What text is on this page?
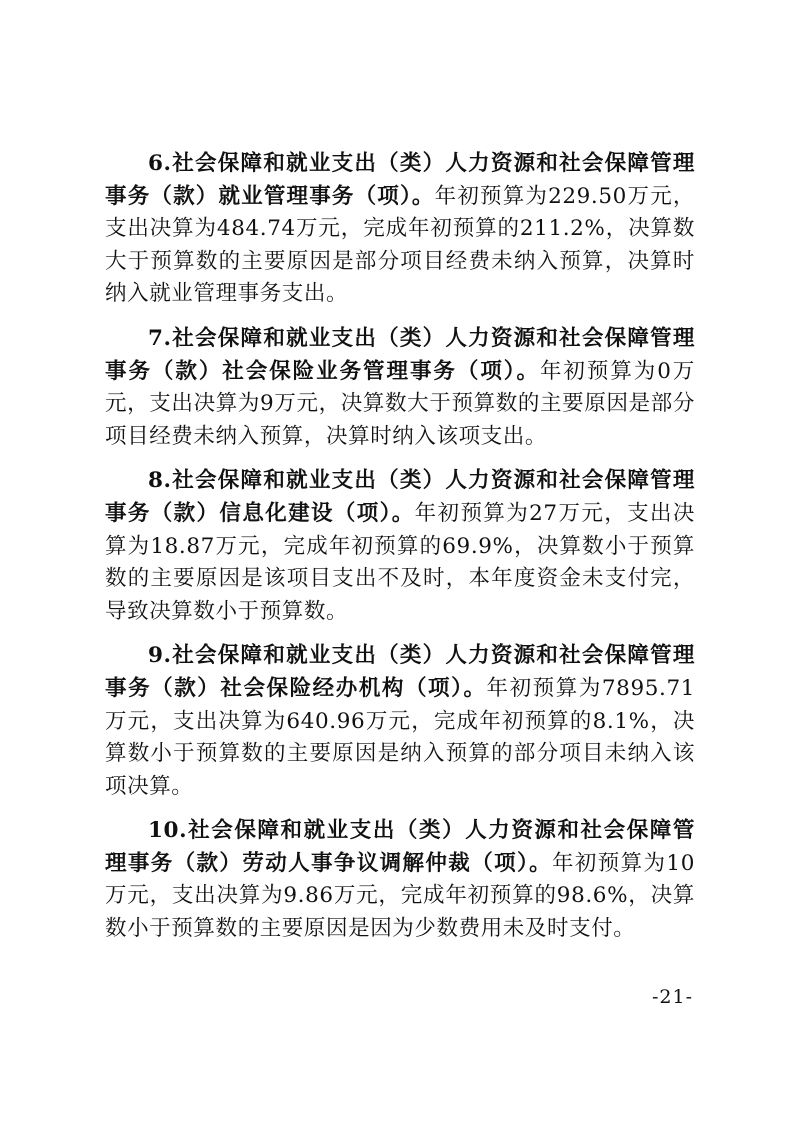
6.社会保障和就业支出（类）人力资源和社会保障管理事务（款）就业管理事务（项）。年初预算为229.50万元，支出决算为484.74万元，完成年初预算的211.2%，决算数大于预算数的主要原因是部分项目经费未纳入预算，决算时纳入就业管理事务支出。

7.社会保障和就业支出（类）人力资源和社会保障管理事务（款）社会保险业务管理事务（项）。年初预算为0万元，支出决算为9万元，决算数大于预算数的主要原因是部分项目经费未纳入预算，决算时纳入该项支出。

8.社会保障和就业支出（类）人力资源和社会保障管理事务（款）信息化建设（项）。年初预算为27万元，支出决算为18.87万元，完成年初预算的69.9%，决算数小于预算数的主要原因是该项目支出不及时，本年度资金未支付完，导致决算数小于预算数。

9.社会保障和就业支出（类）人力资源和社会保障管理事务（款）社会保险经办机构（项）。年初预算为7895.71万元，支出决算为640.96万元，完成年初预算的8.1%，决算数小于预算数的主要原因是纳入预算的部分项目未纳入该项决算。

10.社会保障和就业支出（类）人力资源和社会保障管理事务（款）劳动人事争议调解仲裁（项）。年初预算为10万元，支出决算为9.86万元，完成年初预算的98.6%，决算数小于预算数的主要原因是因为少数费用未及时支付。

-21-
